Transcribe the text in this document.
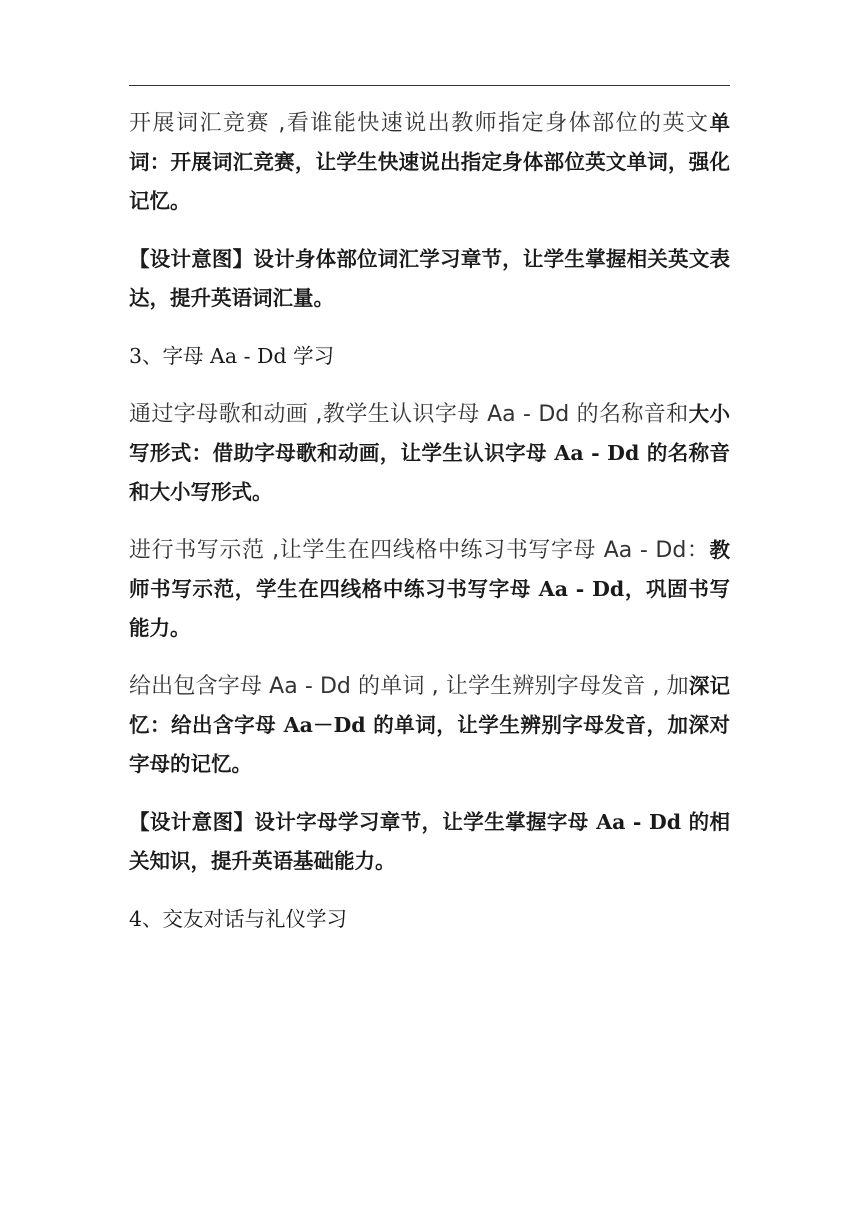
开展词汇竞赛 ,看谁能快速说出教师指定身体部位的英文单词：开展词汇竞赛，让学生快速说出指定身体部位英文单词，强化记忆。

【设计意图】设计身体部位词汇学习章节，让学生掌握相关英文表达，提升英语词汇量。

3、字母 Aa - Dd 学习

通过字母歌和动画 ,教学生认识字母 Aa - Dd 的名称音和大小写形式：借助字母歌和动画，让学生认识字母 Aa - Dd 的名称音和大小写形式。

进行书写示范 ,让学生在四线格中练习书写字母 Aa - Dd：教师书写示范，学生在四线格中练习书写字母 Aa - Dd，巩固书写能力。

给出包含字母 Aa - Dd 的单词 , 让学生辨别字母发音 , 加深记忆：给出含字母 Aa－Dd 的单词，让学生辨别字母发音，加深对字母的记忆。

【设计意图】设计字母学习章节，让学生掌握字母 Aa - Dd 的相关知识，提升英语基础能力。

4、交友对话与礼仪学习
